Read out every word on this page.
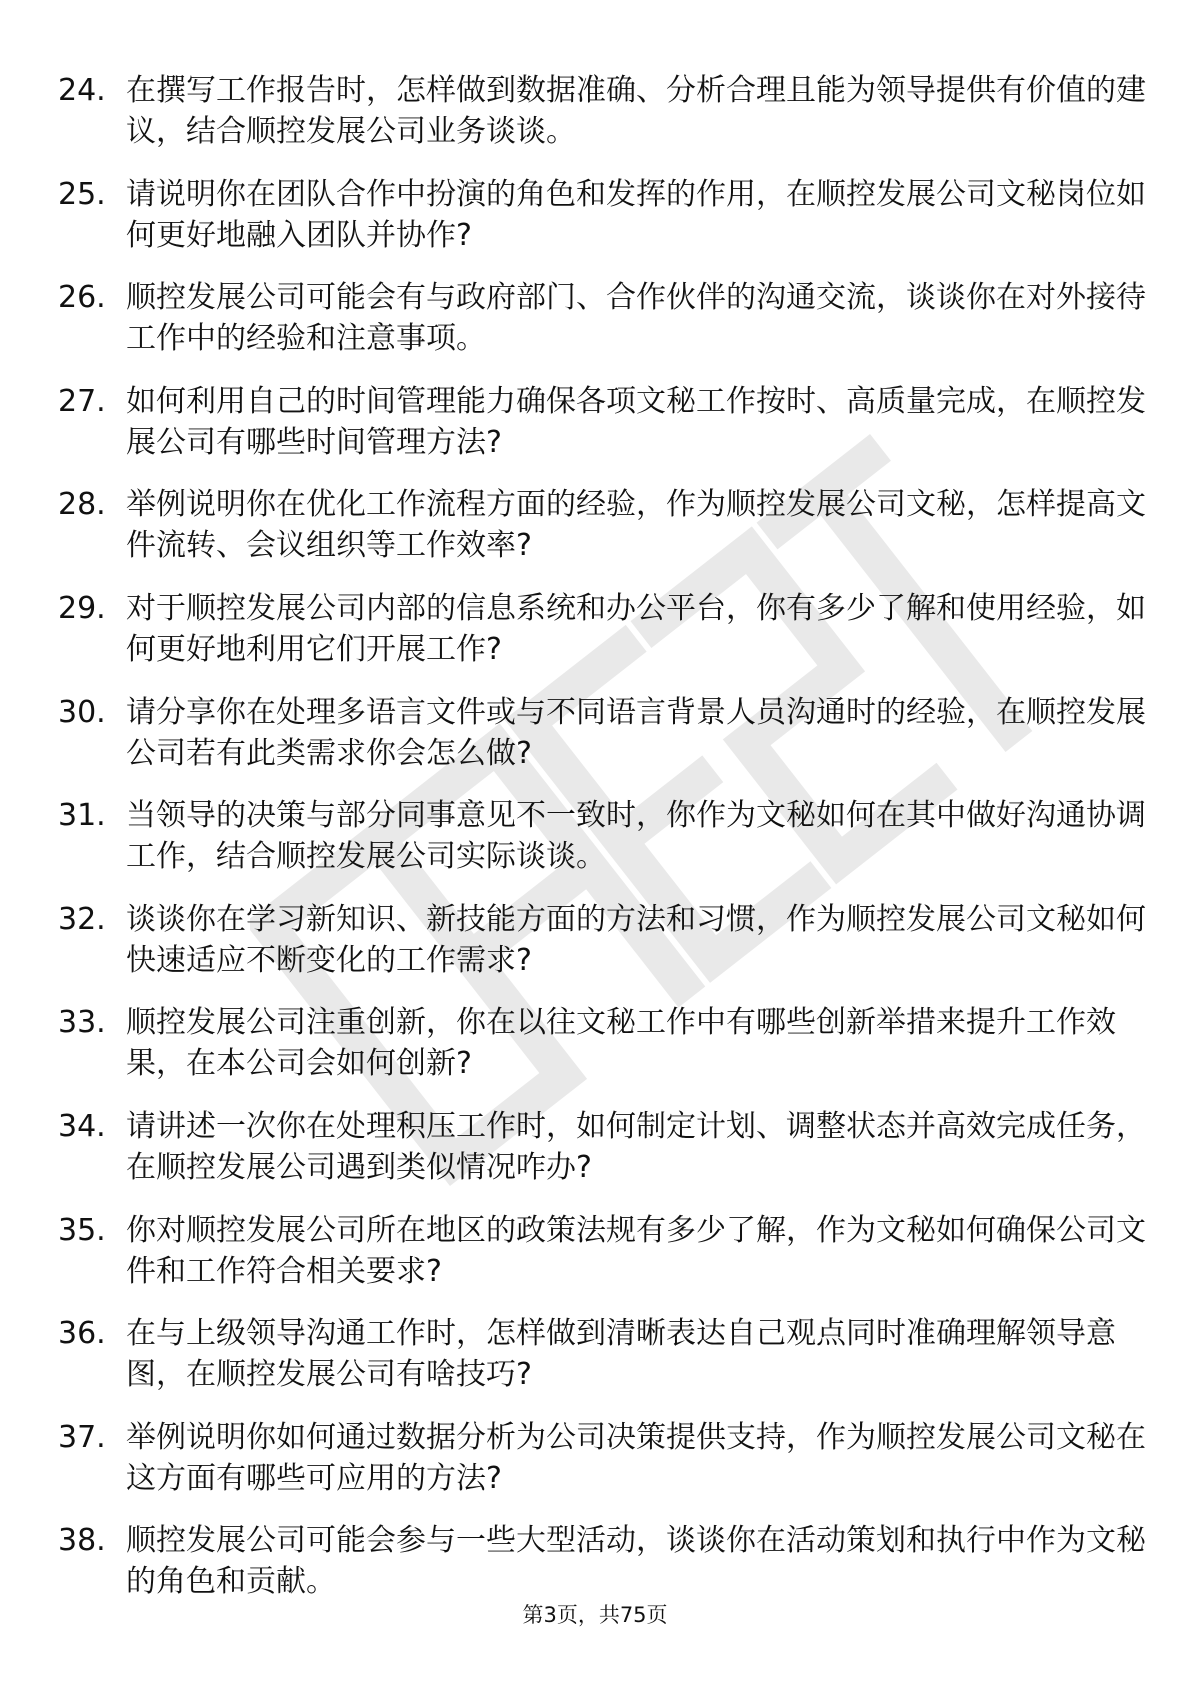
24. 在撰写工作报告时，怎样做到数据准确、分析合理且能为领导提供有价值的建议，结合顺控发展公司业务谈谈。
25. 请说明你在团队合作中扮演的角色和发挥的作用，在顺控发展公司文秘岗位如何更好地融入团队并协作?
26. 顺控发展公司可能会有与政府部门、合作伙伴的沟通交流，谈谈你在对外接待工作中的经验和注意事项。
27. 如何利用自己的时间管理能力确保各项文秘工作按时、高质量完成，在顺控发展公司有哪些时间管理方法?
28. 举例说明你在优化工作流程方面的经验，作为顺控发展公司文秘，怎样提高文件流转、会议组织等工作效率?
29. 对于顺控发展公司内部的信息系统和办公平台，你有多少了解和使用经验，如何更好地利用它们开展工作?
30. 请分享你在处理多语言文件或与不同语言背景人员沟通时的经验，在顺控发展公司若有此类需求你会怎么做?
31. 当领导的决策与部分同事意见不一致时，你作为文秘如何在其中做好沟通协调工作，结合顺控发展公司实际谈谈。
32. 谈谈你在学习新知识、新技能方面的方法和习惯，作为顺控发展公司文秘如何快速适应不断变化的工作需求?
33. 顺控发展公司注重创新，你在以往文秘工作中有哪些创新举措来提升工作效果，在本公司会如何创新?
34. 请讲述一次你在处理积压工作时，如何制定计划、调整状态并高效完成任务，在顺控发展公司遇到类似情况咋办?
35. 你对顺控发展公司所在地区的政策法规有多少了解，作为文秘如何确保公司文件和工作符合相关要求?
36. 在与上级领导沟通工作时，怎样做到清晰表达自己观点同时准确理解领导意图，在顺控发展公司有啥技巧?
37. 举例说明你如何通过数据分析为公司决策提供支持，作为顺控发展公司文秘在这方面有哪些可应用的方法?
38. 顺控发展公司可能会参与一些大型活动，谈谈你在活动策划和执行中作为文秘的角色和贡献。
第3页，共75页
